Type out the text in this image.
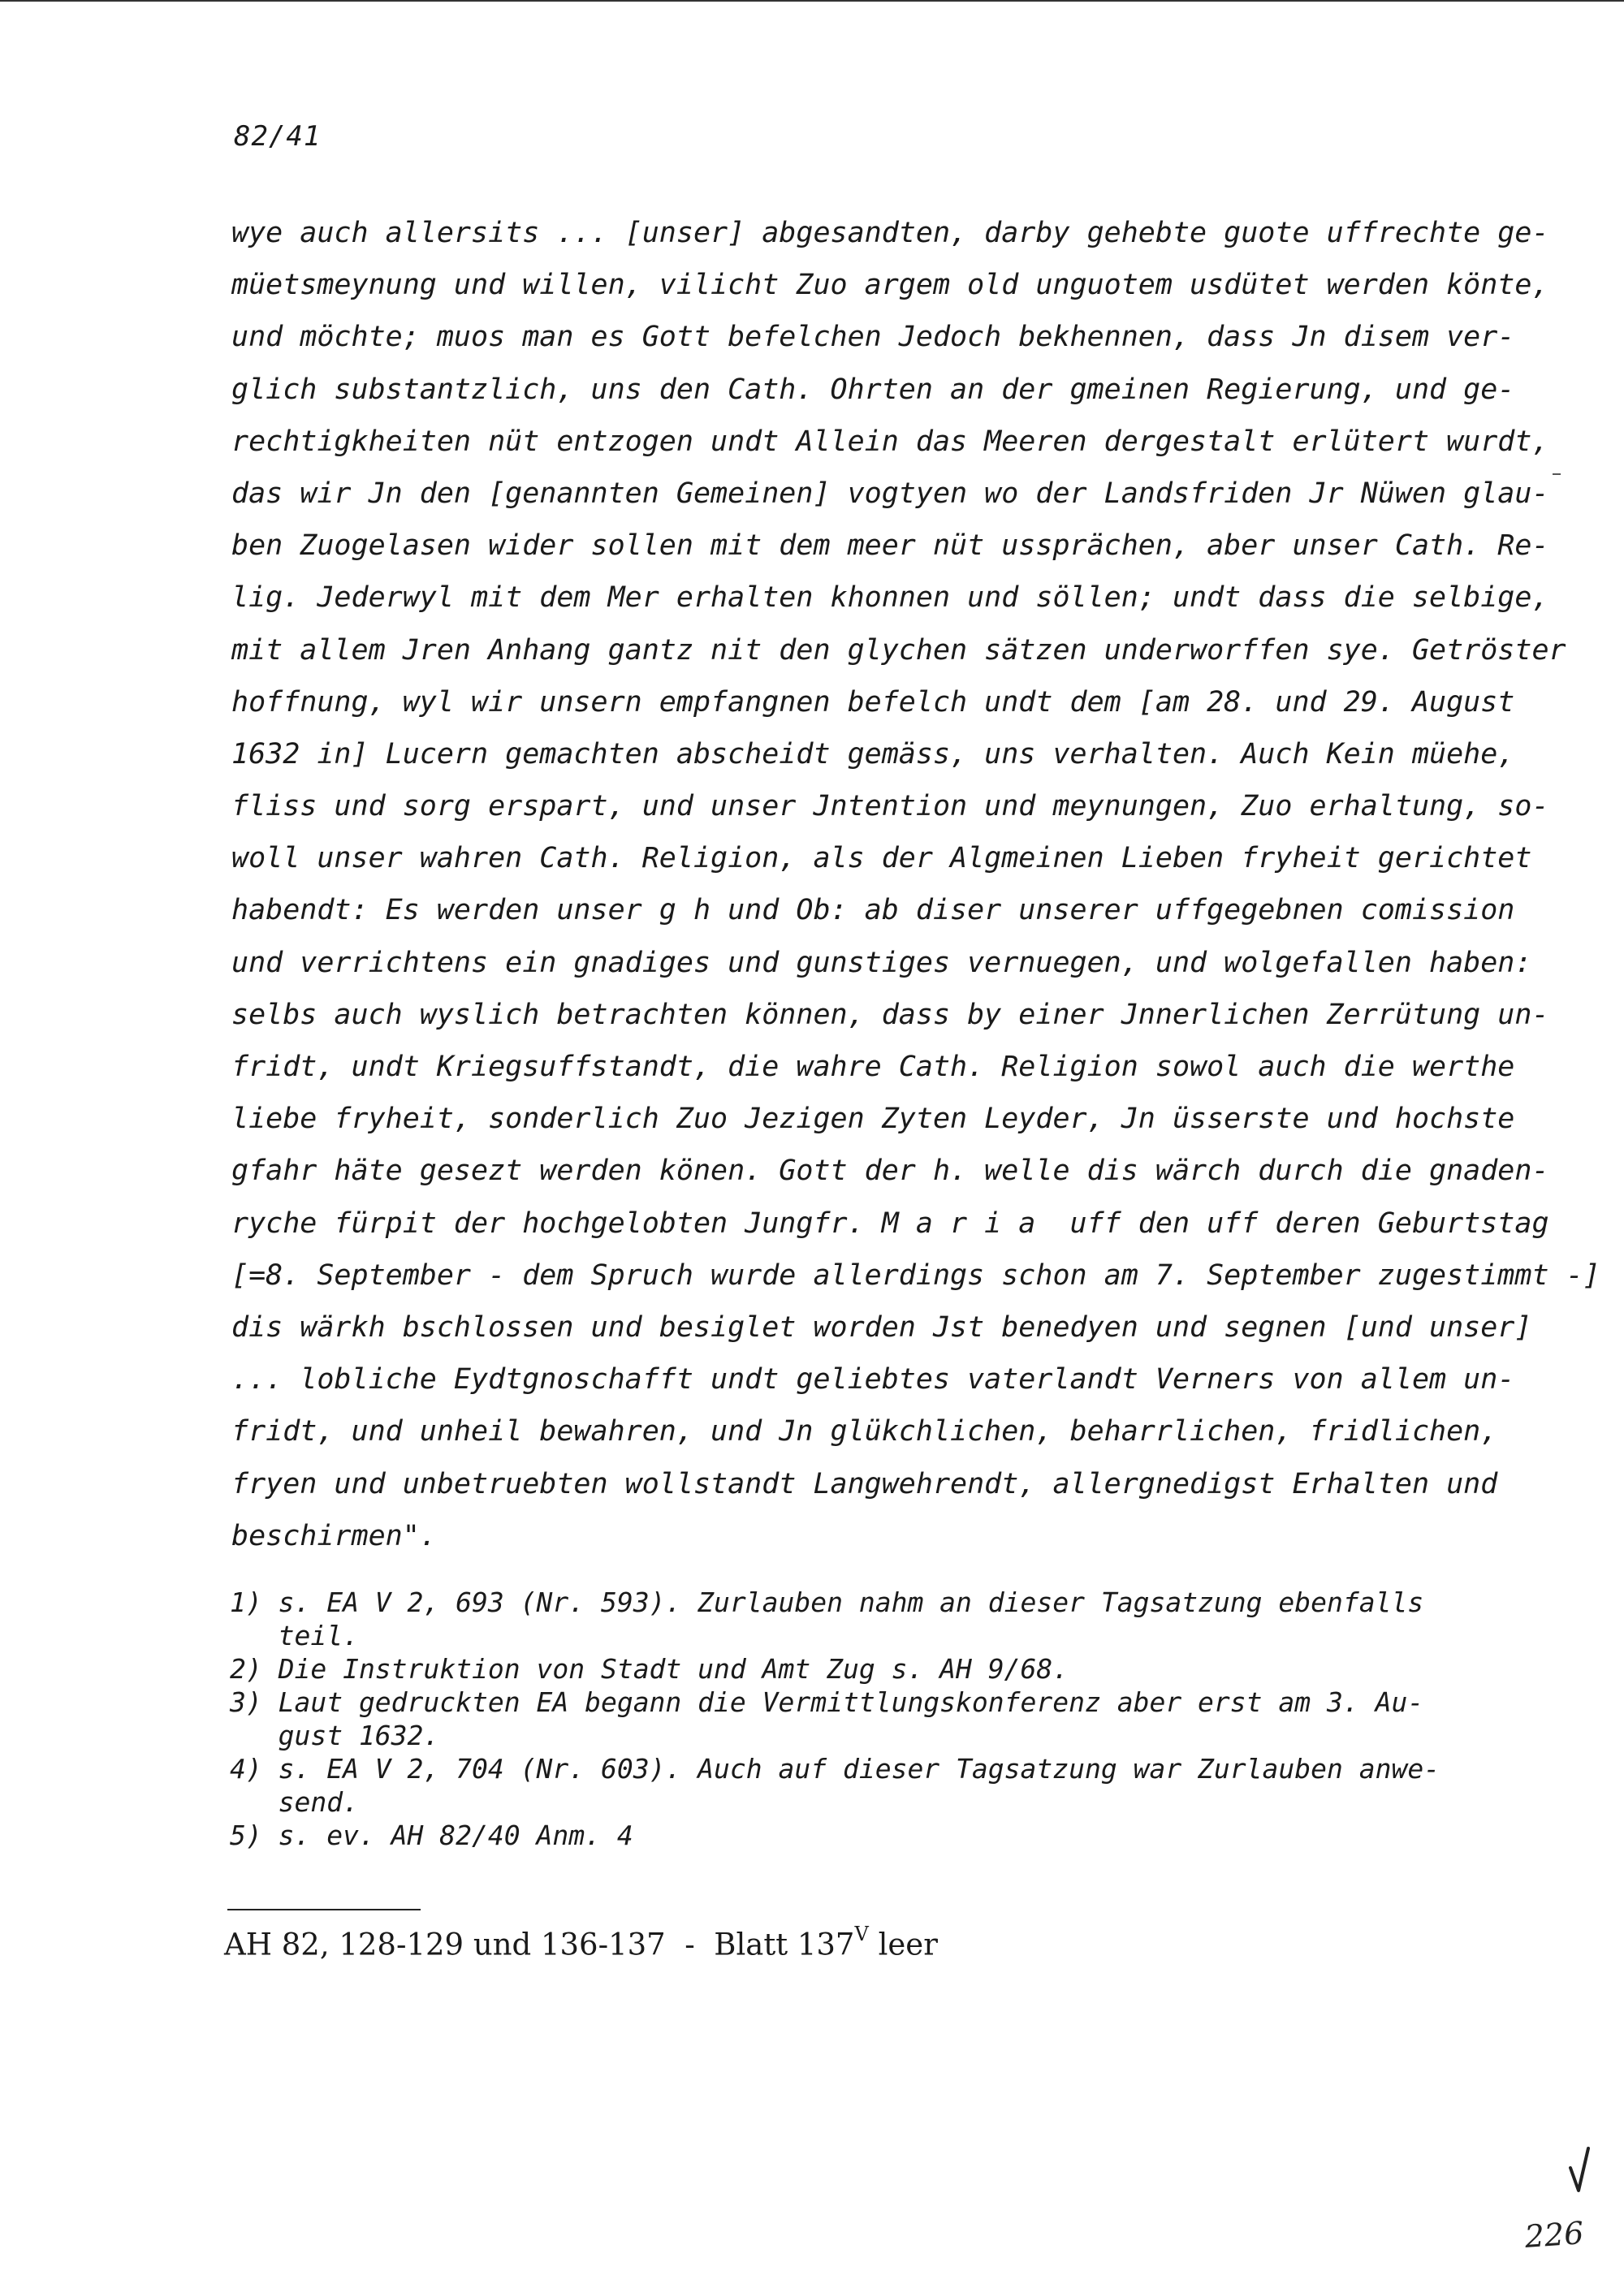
82/41
wye auch allersits ... [unser] abgesandten, darby gehebte guote uffrechte ge-
müetsmeynung und willen, vilicht Zuo argem old unguotem usdütet werden könte,
und möchte; muos man es Gott befelchen Jedoch bekhennen, dass Jn disem ver-
glich substantzlich, uns den Cath. Ohrten an der gmeinen Regierung, und ge-
rechtigkheiten nüt entzogen undt Allein das Meeren dergestalt erlütert wurdt,
das wir Jn den [genannten Gemeinen] vogtyen wo der Landsfriden Jr Nüwen glau-
ben Zuogelasen wider sollen mit dem meer nüt ussprächen, aber unser Cath. Re-
lig. Jederwyl mit dem Mer erhalten khonnen und söllen; undt dass die selbige,
mit allem Jren Anhang gantz nit den glychen sätzen underworffen sye. Getröster
hoffnung, wyl wir unsern empfangnen befelch undt dem [am 28. und 29. August
1632 in] Lucern gemachten abscheidt gemäss, uns verhalten. Auch Kein müehe,
fliss und sorg erspart, und unser Jntention und meynungen, Zuo erhaltung, so-
woll unser wahren Cath. Religion, als der Algmeinen Lieben fryheit gerichtet
habendt: Es werden unser g h und Ob: ab diser unserer uffgegebnen comission
und verrichtens ein gnadiges und gunstiges vernuegen, und wolgefallen haben:
selbs auch wyslich betrachten können, dass by einer Jnnerlichen Zerrütung un-
fridt, undt Kriegsuffstandt, die wahre Cath. Religion sowol auch die werthe
liebe fryheit, sonderlich Zuo Jezigen Zyten Leyder, Jn üsserste und hochste
gfahr häte gesezt werden könen. Gott der h. welle dis wärch durch die gnaden-
ryche fürpit der hochgelobten Jungfr. M a r i a  uff den uff deren Geburtstag
[=8. September - dem Spruch wurde allerdings schon am 7. September zugestimmt -]
dis wärkh bschlossen und besiglet worden Jst benedyen und segnen [und unser]
... lobliche Eydtgnoschafft undt geliebtes vaterlandt Verners von allem un-
fridt, und unheil bewahren, und Jn glükchlichen, beharrlichen, fridlichen,
fryen und unbetruebten wollstandt Langwehrendt, allergnedigst Erhalten und
beschirmen".
1) s. EA V 2, 693 (Nr. 593). Zurlauben nahm an dieser Tagsatzung ebenfalls
teil.
2) Die Instruktion von Stadt und Amt Zug s. AH 9/68.
3) Laut gedruckten EA begann die Vermittlungskonferenz aber erst am 3. Au-
gust 1632.
4) s. EA V 2, 704 (Nr. 603). Auch auf dieser Tagsatzung war Zurlauben anwe-
send.
5) s. ev. AH 82/40 Anm. 4
AH 82, 128-129 und 136-137  -  Blatt $137^V$ leer
226
